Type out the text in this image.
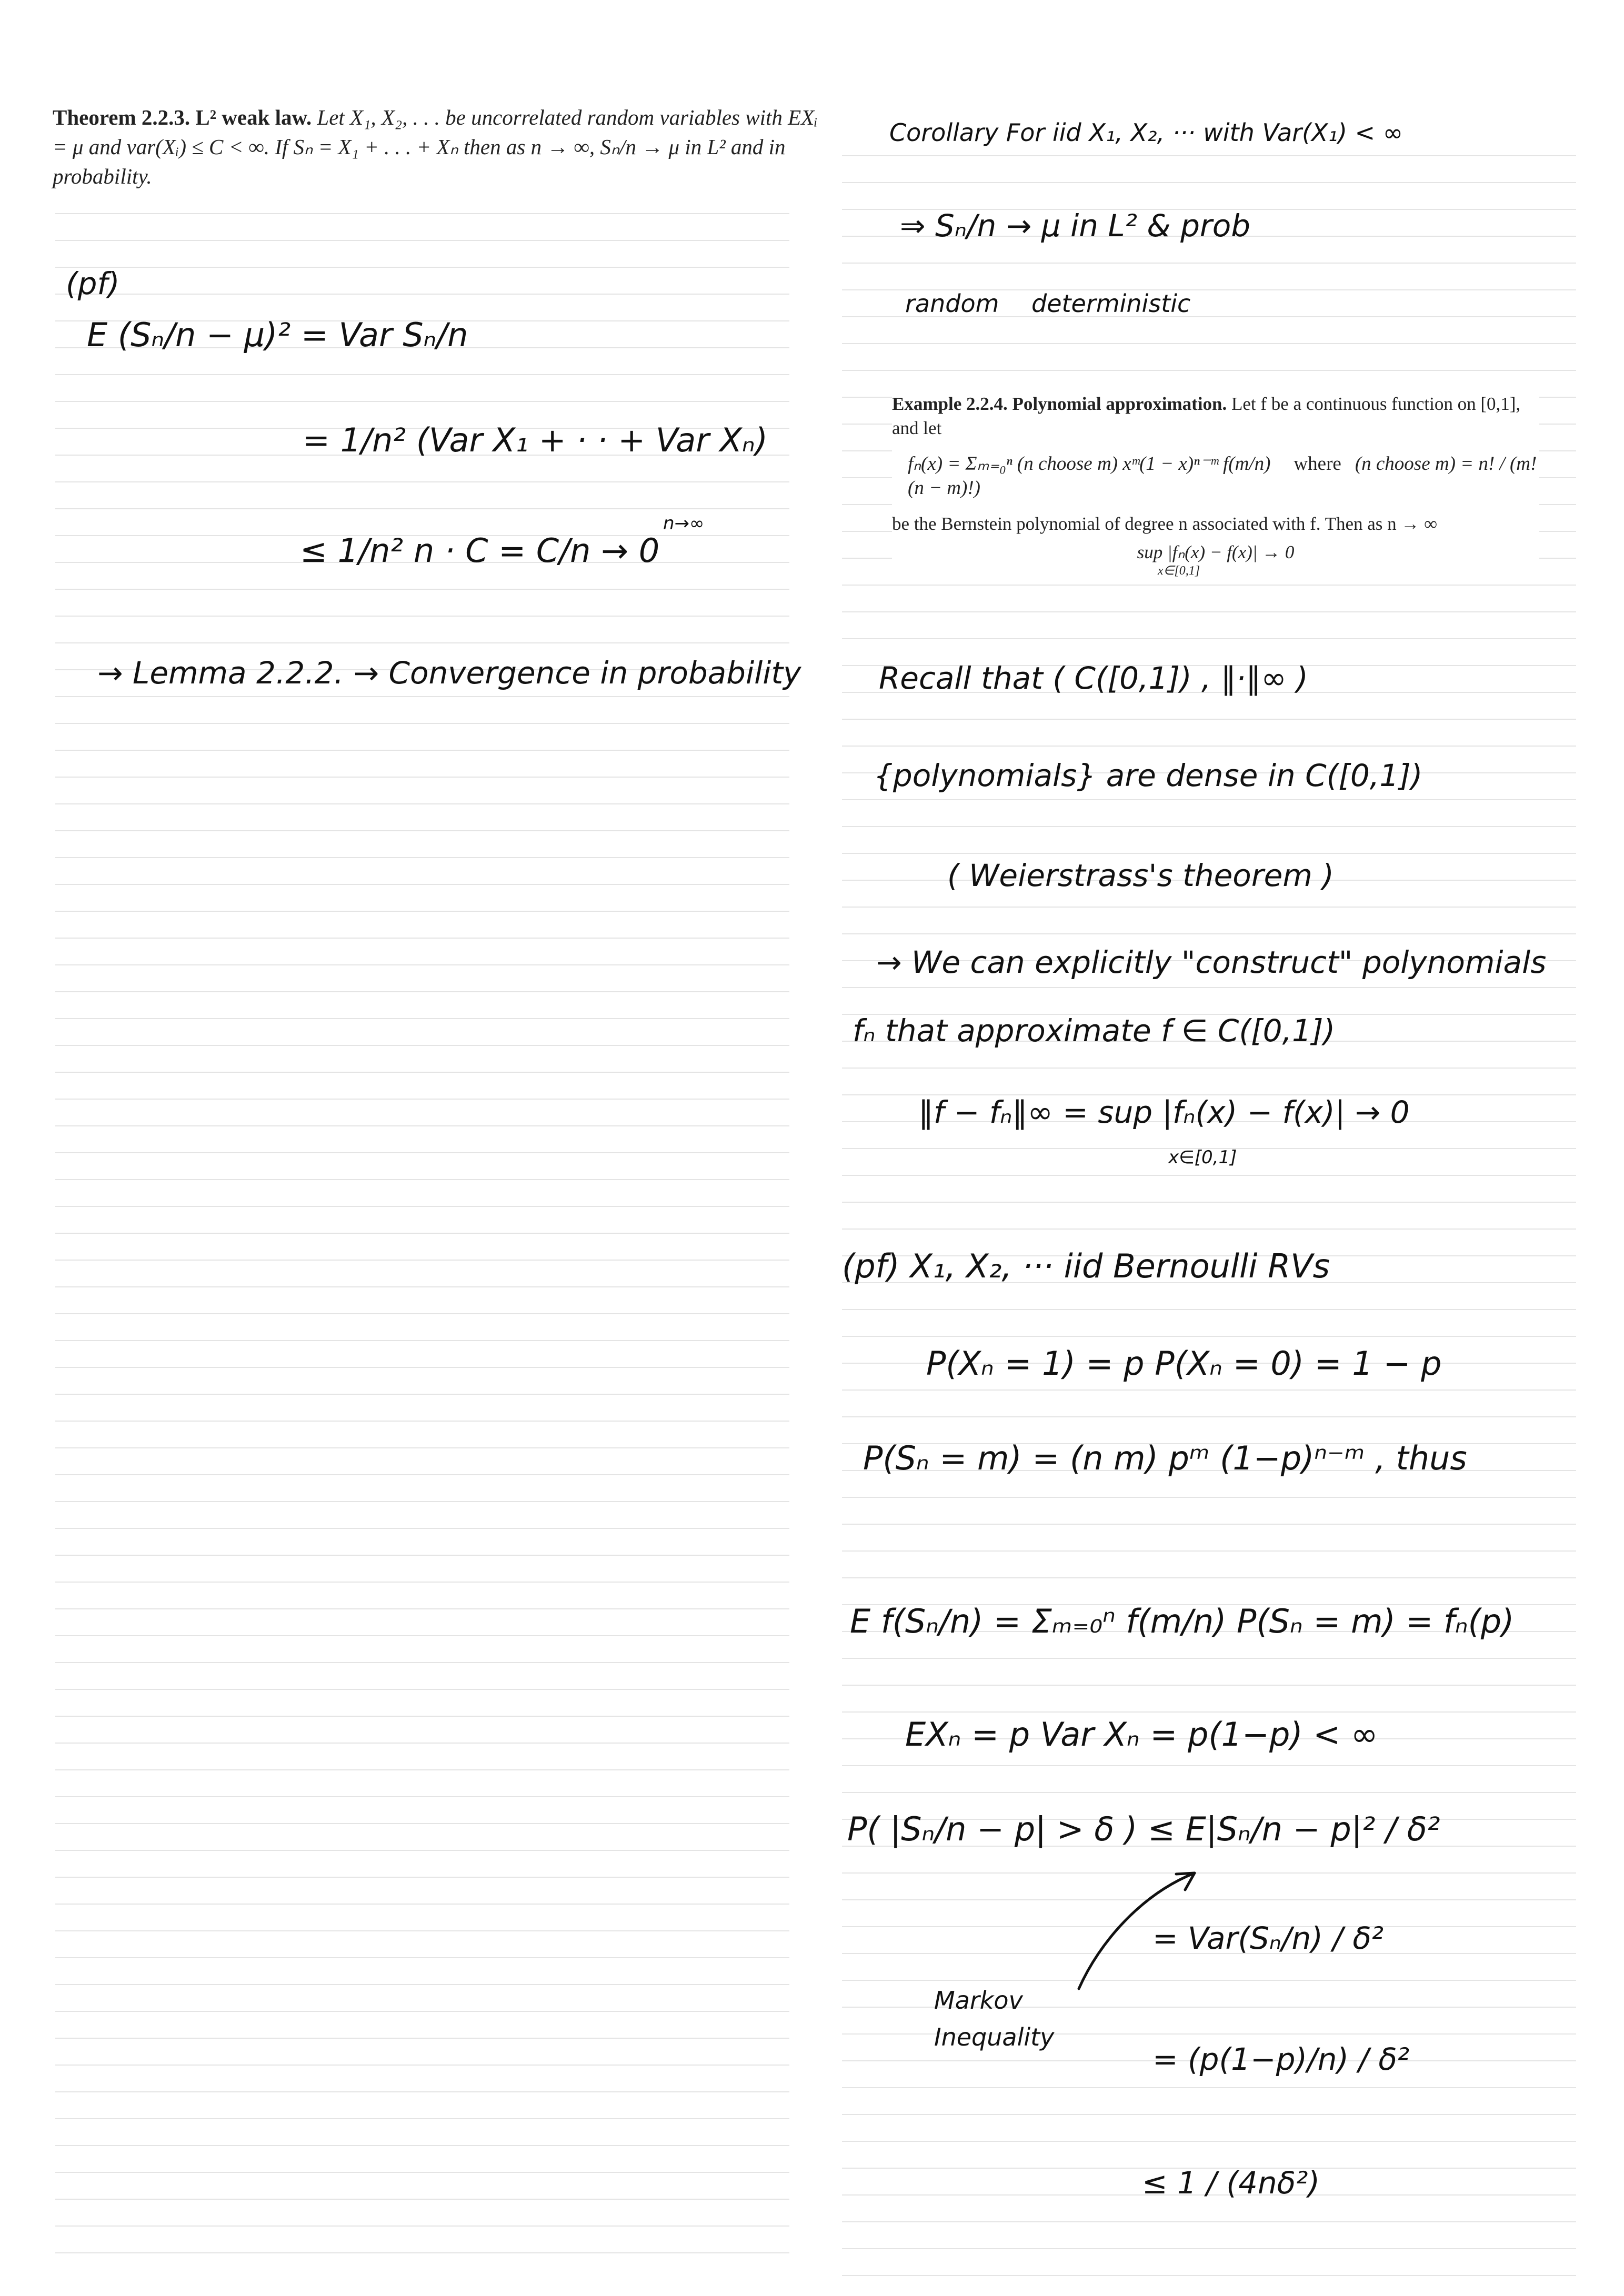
Theorem 2.2.3. L² weak law. Let X₁, X₂, . . . be uncorrelated random variables with EXᵢ = μ and var(Xᵢ) ≤ C < ∞. If Sₙ = X₁ + . . . + Xₙ then as n → ∞, Sₙ/n → μ in L² and in probability.
Example 2.2.4. Polynomial approximation. Let f be a continuous function on [0,1], and let
fₙ(x) = Σₘ₌₀ⁿ (n choose m) xᵐ(1 − x)ⁿ⁻ᵐ f(m/n) where (n choose m) = n! / (m!(n − m)!)
be the Bernstein polynomial of degree n associated with f. Then as n → ∞
sup |fₙ(x) − f(x)| → 0
x∈[0,1]
(pf)
E (Sₙ/n − μ)² = Var Sₙ/n
= 1/n² (Var X₁ + · · + Var Xₙ)
n→∞
≤ 1/n² n · C = C/n → 0
→ Lemma 2.2.2. → Convergence in probability
Corollary For iid X₁, X₂, ··· with Var(X₁) < ∞
⇒ Sₙ/n → μ in L² & prob
random deterministic
Recall that ( C([0,1]) , ‖·‖∞ )
{polynomials} are dense in C([0,1])
( Weierstrass's theorem )
→ We can explicitly "construct" polynomials
fₙ that approximate f ∈ C([0,1])
‖f − fₙ‖∞ = sup |fₙ(x) − f(x)| → 0
x∈[0,1]
(pf) X₁, X₂, ··· iid Bernoulli RVs
P(Xₙ = 1) = p P(Xₙ = 0) = 1 − p
P(Sₙ = m) = (n m) pᵐ (1−p)ⁿ⁻ᵐ , thus
E f(Sₙ/n) = Σₘ₌₀ⁿ f(m/n) P(Sₙ = m) = fₙ(p)
EXₙ = p Var Xₙ = p(1−p) < ∞
P( |Sₙ/n − p| > δ ) ≤ E|Sₙ/n − p|² / δ²
= Var(Sₙ/n) / δ²
Markov
Inequality
= (p(1−p)/n) / δ²
≤ 1 / (4nδ²)
